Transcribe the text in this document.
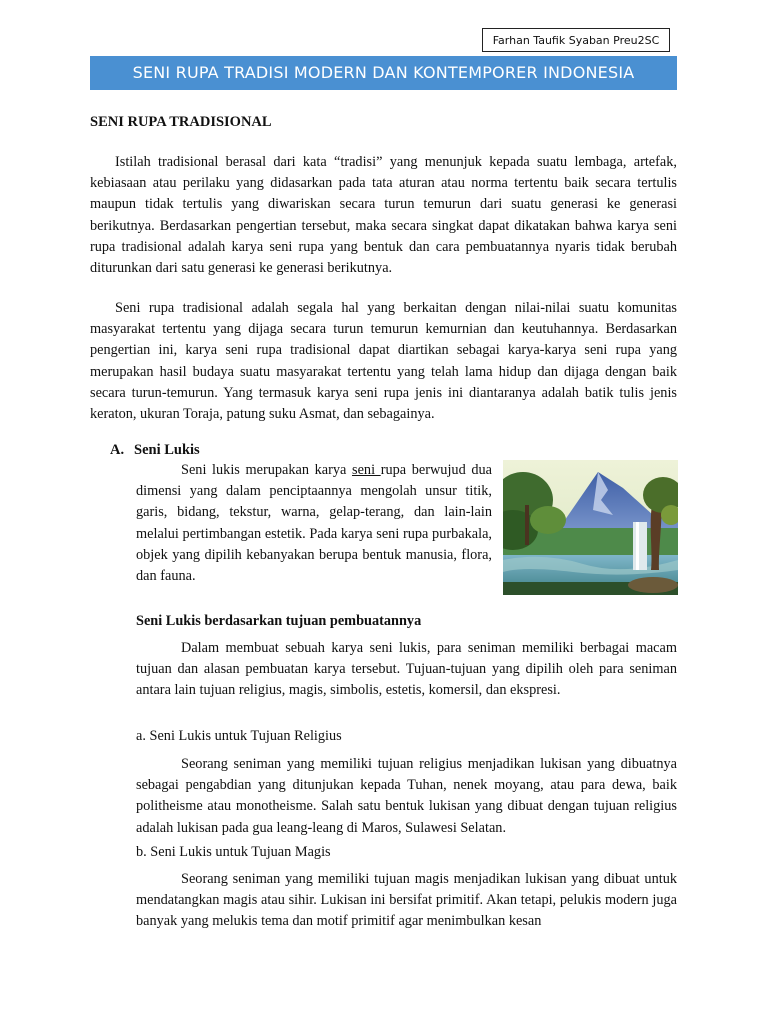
Farhan Taufik Syaban Preu2SC
SENI RUPA TRADISI MODERN DAN KONTEMPORER INDONESIA
SENI RUPA TRADISIONAL

Istilah tradisional berasal dari kata “tradisi” yang menunjuk kepada suatu lembaga, artefak, kebiasaan atau perilaku yang didasarkan pada tata aturan atau norma tertentu baik secara tertulis maupun tidak tertulis yang diwariskan secara turun temurun dari suatu generasi ke generasi berikutnya. Berdasarkan pengertian tersebut, maka secara singkat dapat dikatakan bahwa karya seni rupa tradisional adalah karya seni rupa yang bentuk dan cara pembuatannya nyaris tidak berubah diturunkan dari satu generasi ke generasi berikutnya.

Seni rupa tradisional adalah segala hal yang berkaitan dengan nilai-nilai suatu komunitas masyarakat tertentu yang dijaga secara turun temurun kemurnian dan keutuhannya. Berdasarkan pengertian ini, karya seni rupa tradisional dapat diartikan sebagai karya-karya seni rupa yang merupakan hasil budaya suatu masyarakat tertentu yang telah lama hidup dan dijaga dengan baik secara turun-temurun. Yang termasuk karya seni rupa jenis ini diantaranya adalah batik tulis jenis keraton, ukuran Toraja, patung suku Asmat, dan sebagainya.

A. Seni Lukis

Seni lukis merupakan karya seni rupa berwujud dua dimensi yang dalam penciptaannya mengolah unsur titik, garis, bidang, tekstur, warna, gelap-terang, dan lain-lain melalui pertimbangan estetik. Pada karya seni rupa purbakala, objek yang dipilih kebanyakan berupa bentuk manusia, flora, dan fauna.

Seni Lukis berdasarkan tujuan pembuatannya

Dalam membuat sebuah karya seni lukis, para seniman memiliki berbagai macam tujuan dan alasan pembuatan karya tersebut. Tujuan-tujuan yang dipilih oleh para seniman antara lain tujuan religius, magis, simbolis, estetis, komersil, dan ekspresi.

a. Seni Lukis untuk Tujuan Religius

Seorang seniman yang memiliki tujuan religius menjadikan lukisan yang dibuatnya sebagai pengabdian yang ditunjukan kepada Tuhan, nenek moyang, atau para dewa, baik politheisme atau monotheisme. Salah satu bentuk lukisan yang dibuat dengan tujuan religius adalah lukisan pada gua leang-leang di Maros, Sulawesi Selatan.

b. Seni Lukis untuk Tujuan Magis

Seorang seniman yang memiliki tujuan magis menjadikan lukisan yang dibuat untuk mendatangkan magis atau sihir. Lukisan ini bersifat primitif. Akan tetapi, pelukis modern juga banyak yang melukis tema dan motif primitif agar menimbulkan kesan
